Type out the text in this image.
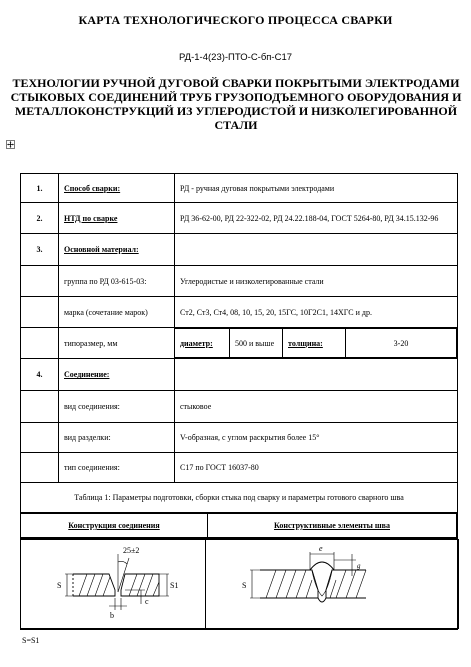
КАРТА ТЕХНОЛОГИЧЕСКОГО ПРОЦЕССА СВАРКИ
РД-1-4(23)-ПТО-С-бп-С17
ТЕХНОЛОГИИ РУЧНОЙ ДУГОВОЙ СВАРКИ ПОКРЫТЫМИ ЭЛЕКТРОДАМИ СТЫКОВЫХ СОЕДИНЕНИЙ ТРУБ ГРУЗОПОДЪЕМНОГО ОБОРУДОВАНИЯ И МЕТАЛЛОКОНСТРУКЦИЙ ИЗ УГЛЕРОДИСТОЙ И НИЗКОЛЕГИРОВАННОЙ СТАЛИ
1.	Способ сварки:	РД - ручная дуговая покрытыми электродами
2.	НТД по сварке	РД 36-62-00, РД 22-322-02, РД 24.22.188-04, ГОСТ 5264-80, РД 34.15.132-96
3.	Основной материал:	
	группа по РД 03-615-03:	Углеродистые и низколегированные стали
	марка (сочетание марок)	Ст2, Ст3, Ст4, 08, 10, 15, 20, 15ГС, 10Г2С1, 14ХГС и др.
	типоразмер, мм		диаметр:	500 и выше	толщина:	3-20

4.	Соединение:	
	вид соединения:	стыковое
	вид разделки:	V-образная, с углом раскрытия более 15°
	тип соединения:	С17 по ГОСТ 16037-80
Таблица 1: Параметры подготовки, сборки стыка под сварку и параметры готового сварного шва

Конструкция соединения	Конструктивные элементы шва

25±2
S	S1
b
c

S
e
g
S=S1
